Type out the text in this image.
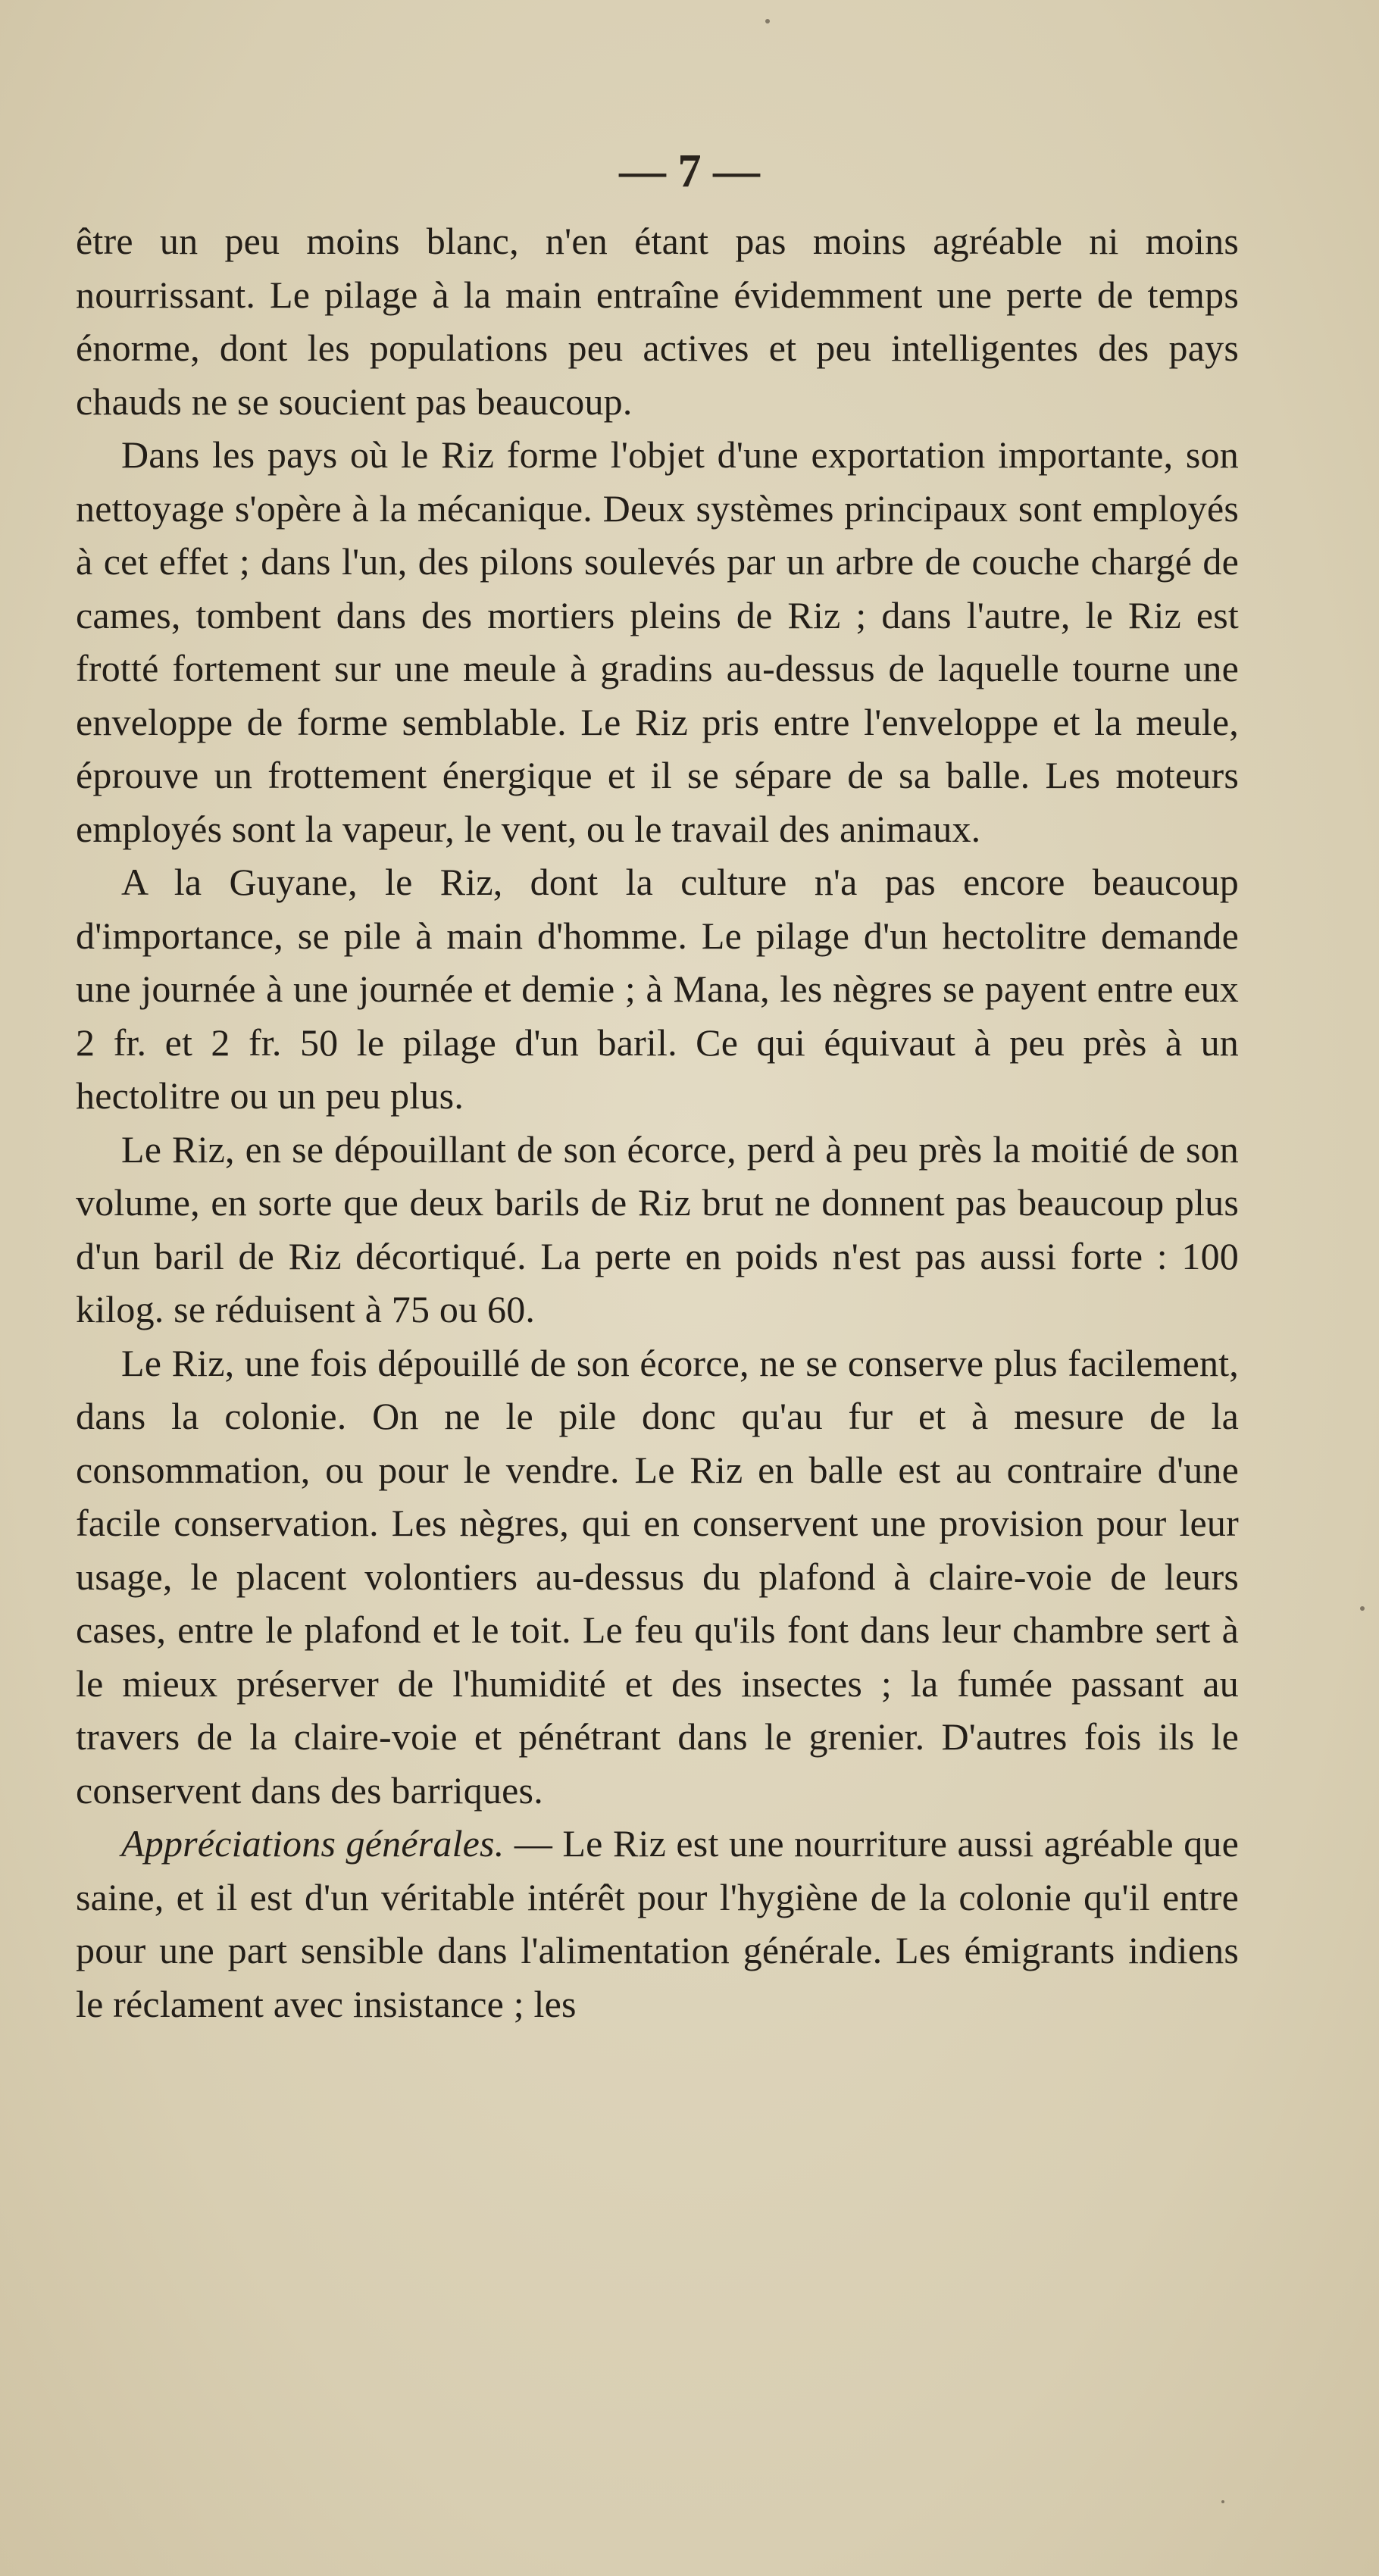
— 7 —

être un peu moins blanc, n'en étant pas moins agréable ni moins nourrissant. Le pilage à la main entraîne évidemment une perte de temps énorme, dont les populations peu actives et peu intelligentes des pays chauds ne se soucient pas beaucoup.

Dans les pays où le Riz forme l'objet d'une exportation importante, son nettoyage s'opère à la mécanique. Deux systèmes principaux sont employés à cet effet ; dans l'un, des pilons soulevés par un arbre de couche chargé de cames, tombent dans des mortiers pleins de Riz ; dans l'autre, le Riz est frotté fortement sur une meule à gradins au-dessus de laquelle tourne une enveloppe de forme semblable. Le Riz pris entre l'enveloppe et la meule, éprouve un frottement énergique et il se sépare de sa balle. Les moteurs employés sont la vapeur, le vent, ou le travail des animaux.

A la Guyane, le Riz, dont la culture n'a pas encore beaucoup d'importance, se pile à main d'homme. Le pilage d'un hectolitre demande une journée à une journée et demie ; à Mana, les nègres se payent entre eux 2 fr. et 2 fr. 50 le pilage d'un baril. Ce qui équivaut à peu près à un hectolitre ou un peu plus.

Le Riz, en se dépouillant de son écorce, perd à peu près la moitié de son volume, en sorte que deux barils de Riz brut ne donnent pas beaucoup plus d'un baril de Riz décortiqué. La perte en poids n'est pas aussi forte : 100 kilog. se réduisent à 75 ou 60.

Le Riz, une fois dépouillé de son écorce, ne se conserve plus facilement, dans la colonie. On ne le pile donc qu'au fur et à mesure de la consommation, ou pour le vendre. Le Riz en balle est au contraire d'une facile conservation. Les nègres, qui en conservent une provision pour leur usage, le placent volontiers au-dessus du plafond à claire-voie de leurs cases, entre le plafond et le toit. Le feu qu'ils font dans leur chambre sert à le mieux préserver de l'humidité et des insectes ; la fumée passant au travers de la claire-voie et pénétrant dans le grenier. D'autres fois ils le conservent dans des barriques.

Appréciations générales. — Le Riz est une nourriture aussi agréable que saine, et il est d'un véritable intérêt pour l'hygiène de la colonie qu'il entre pour une part sensible dans l'alimentation générale. Les émigrants indiens le réclament avec insistance ; les
